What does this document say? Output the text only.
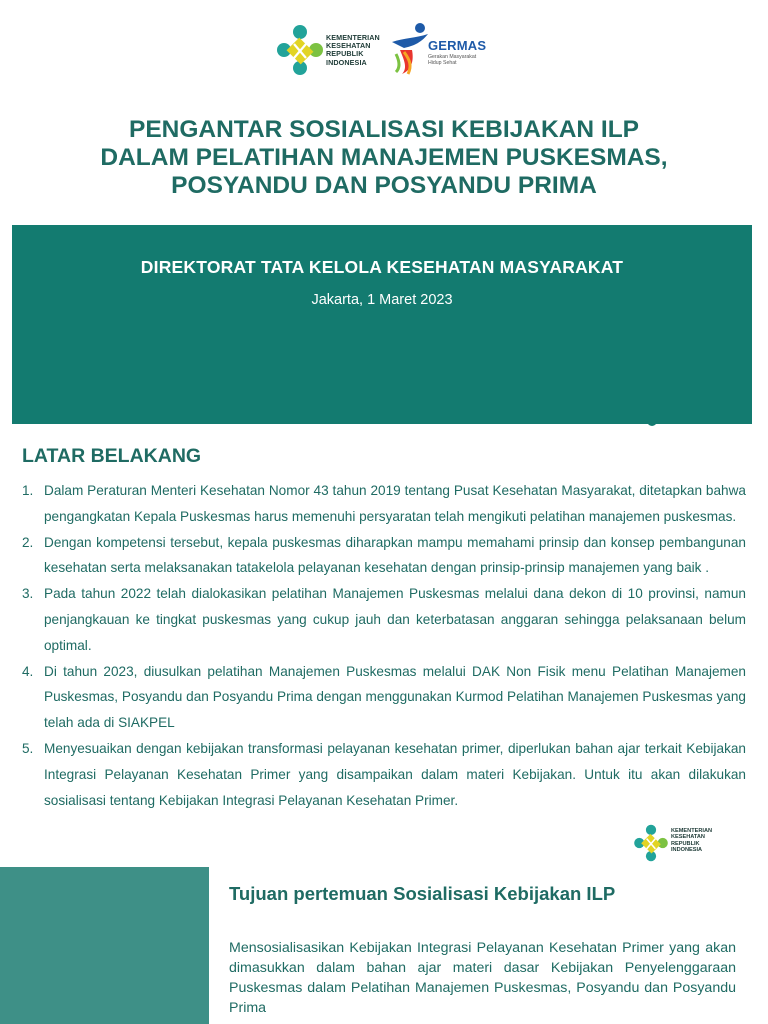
KEMENTERIAN
KESEHATAN
REPUBLIK
INDONESIA
GERMAS
Gerakan Masyarakat
Hidup Sehat
PENGANTAR SOSIALISASI KEBIJAKAN ILP
DALAM PELATIHAN MANAJEMEN PUSKESMAS,
POSYANDU DAN POSYANDU PRIMA
DIREKTORAT TATA KELOLA KESEHATAN MASYARAKAT
Jakarta, 1 Maret 2023
LATAR BELAKANG
1. Dalam Peraturan Menteri Kesehatan Nomor 43 tahun 2019 tentang Pusat Kesehatan Masyarakat, ditetapkan bahwa pengangkatan Kepala Puskesmas harus memenuhi persyaratan telah mengikuti pelatihan manajemen puskesmas.
2. Dengan kompetensi tersebut, kepala puskesmas diharapkan mampu memahami prinsip dan konsep pembangunan kesehatan serta melaksanakan tatakelola pelayanan kesehatan dengan prinsip-prinsip manajemen yang baik .
3. Pada tahun 2022 telah dialokasikan pelatihan Manajemen Puskesmas melalui dana dekon di 10 provinsi, namun penjangkauan ke tingkat puskesmas yang cukup jauh dan keterbatasan anggaran sehingga pelaksanaan belum optimal.
4. Di tahun 2023, diusulkan pelatihan Manajemen Puskesmas melalui DAK Non Fisik menu Pelatihan Manajemen Puskesmas, Posyandu dan Posyandu Prima dengan menggunakan Kurmod Pelatihan Manajemen Puskesmas yang telah ada di SIAKPEL
5. Menyesuaikan dengan kebijakan transformasi pelayanan kesehatan primer, diperlukan bahan ajar terkait Kebijakan Integrasi Pelayanan Kesehatan Primer yang disampaikan dalam materi Kebijakan. Untuk itu akan dilakukan sosialisasi tentang Kebijakan Integrasi Pelayanan Kesehatan Primer.
KEMENTERIAN
KESEHATAN
REPUBLIK
INDONESIA
Tujuan pertemuan Sosialisasi Kebijakan ILP

Mensosialisasikan Kebijakan Integrasi Pelayanan Kesehatan Primer yang akan dimasukkan dalam bahan ajar materi dasar Kebijakan Penyelenggaraan Puskesmas dalam Pelatihan Manajemen Puskesmas, Posyandu dan Posyandu Prima
